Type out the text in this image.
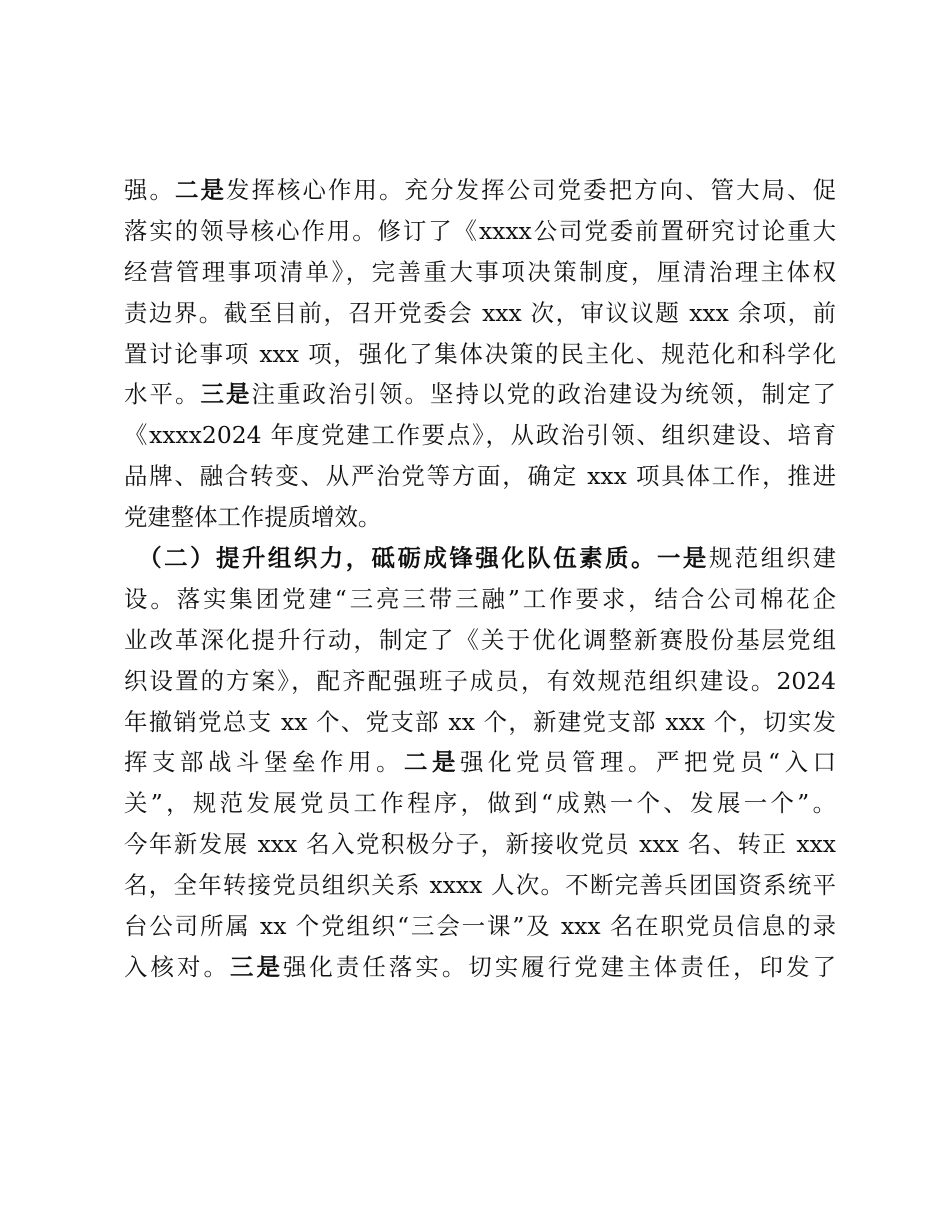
强。二是发挥核心作用。充分发挥公司党委把方向、管大局、促
落实的领导核心作用。修订了《xxxx公司党委前置研究讨论重大
经营管理事项清单》，完善重大事项决策制度，厘清治理主体权
责边界。截至目前，召开党委会 xxx 次，审议议题 xxx 余项，前
置讨论事项 xxx 项，强化了集体决策的民主化、规范化和科学化
水平。三是注重政治引领。坚持以党的政治建设为统领，制定了
《xxxx2024 年度党建工作要点》，从政治引领、组织建设、培育
品牌、融合转变、从严治党等方面，确定 xxx 项具体工作，推进
党建整体工作提质增效。
　（二）提升组织力，砥砺成锋强化队伍素质。一是规范组织建
设。落实集团党建“三亮三带三融”工作要求，结合公司棉花企
业改革深化提升行动，制定了《关于优化调整新赛股份基层党组
织设置的方案》，配齐配强班子成员，有效规范组织建设。2024
年撤销党总支 xx 个、党支部 xx 个，新建党支部 xxx 个，切实发
挥支部战斗堡垒作用。二是强化党员管理。严把党员“入口
关”，规范发展党员工作程序，做到“成熟一个、发展一个”。
今年新发展 xxx 名入党积极分子，新接收党员 xxx 名、转正 xxx
名，全年转接党员组织关系 xxxx 人次。不断完善兵团国资系统平
台公司所属 xx 个党组织“三会一课”及 xxx 名在职党员信息的录
入核对。三是强化责任落实。切实履行党建主体责任，印发了
